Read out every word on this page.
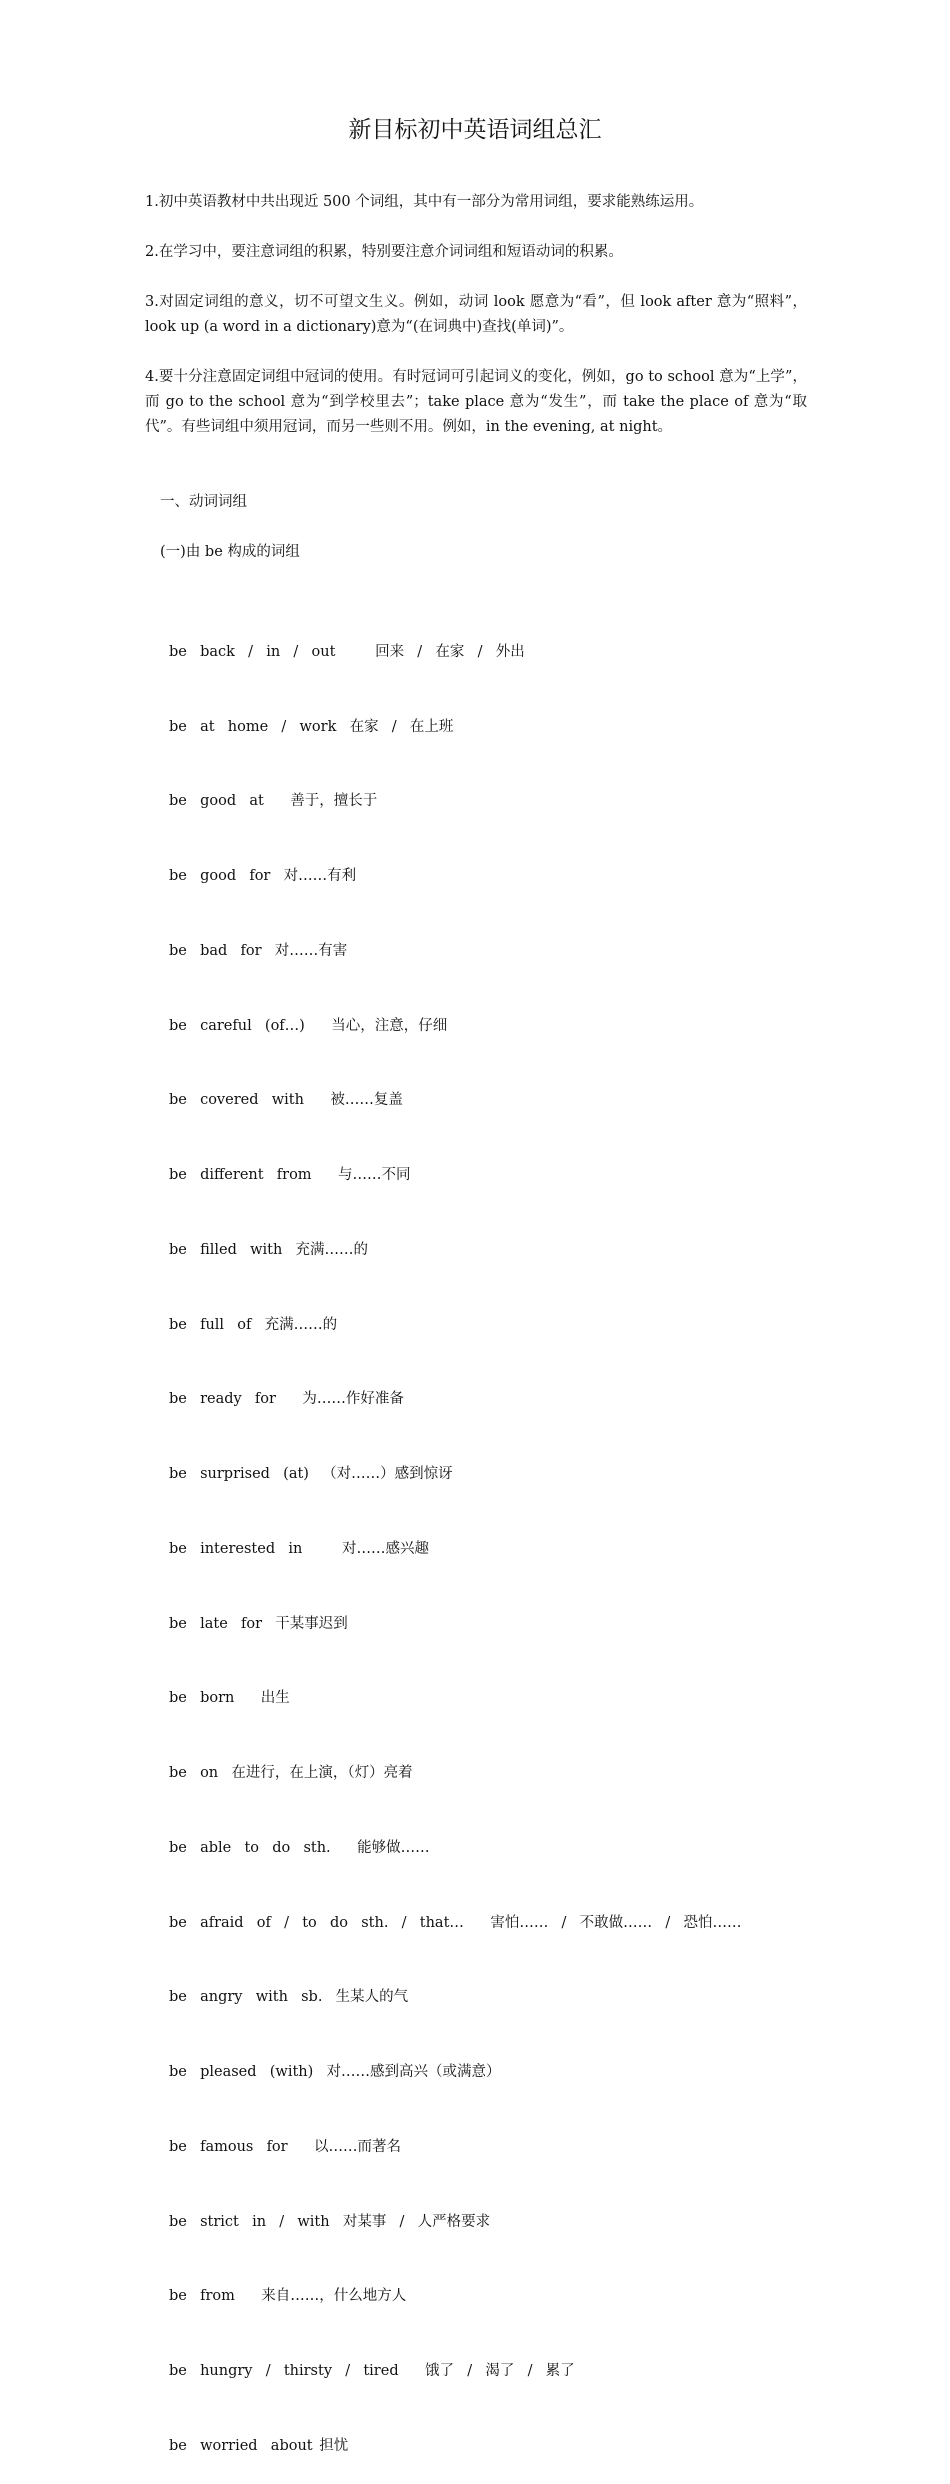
新目标初中英语词组总汇

1.初中英语教材中共出现近 500 个词组，其中有一部分为常用词组，要求能熟练运用。

2.在学习中，要注意词组的积累，特别要注意介词词组和短语动词的积累。

3.对固定词组的意义，切不可望文生义。例如，动词 look 愿意为“看”，但 look after 意为“照料”，look up (a word in a dictionary)意为“(在词典中)查找(单词)”。

4.要十分注意固定词组中冠词的使用。有时冠词可引起词义的变化，例如，go to school 意为“上学”，而 go to the school 意为“到学校里去”；take place 意为“发生”，而 take the place of 意为“取代”。有些词组中须用冠词，而另一些则不用。例如，in the evening, at night。

一、动词词组
(一)由 be 构成的词组

be  back  /  in  /  out      回来  /  在家  /  外出

be  at  home  /  work  在家  /  在上班

be  good  at    善于，擅长于

be  good  for  对……有利

be  bad  for  对……有害

be  careful  (of…)    当心，注意，仔细

be  covered  with    被……复盖

be  different  from    与……不同

be  filled  with  充满……的

be  full  of  充满……的

be  ready  for    为……作好准备

be  surprised  (at)  （对……）感到惊讶

be  interested  in      对……感兴趣

be  late  for  干某事迟到

be  born    出生

be  on  在进行，在上演，（灯）亮着

be  able  to  do  sth.    能够做……

be  afraid  of  /  to  do  sth.  /  that…    害怕……  /  不敢做……  /  恐怕……

be  angry  with  sb.  生某人的气

be  pleased  (with)  对……感到高兴（或满意）

be  famous  for    以……而著名

be  strict  in  /  with  对某事  /  人严格要求

be  from    来自……，什么地方人

be  hungry  /  thirsty  /  tired    饿了  /  渴了  /  累了

be  worried  about 担忧
